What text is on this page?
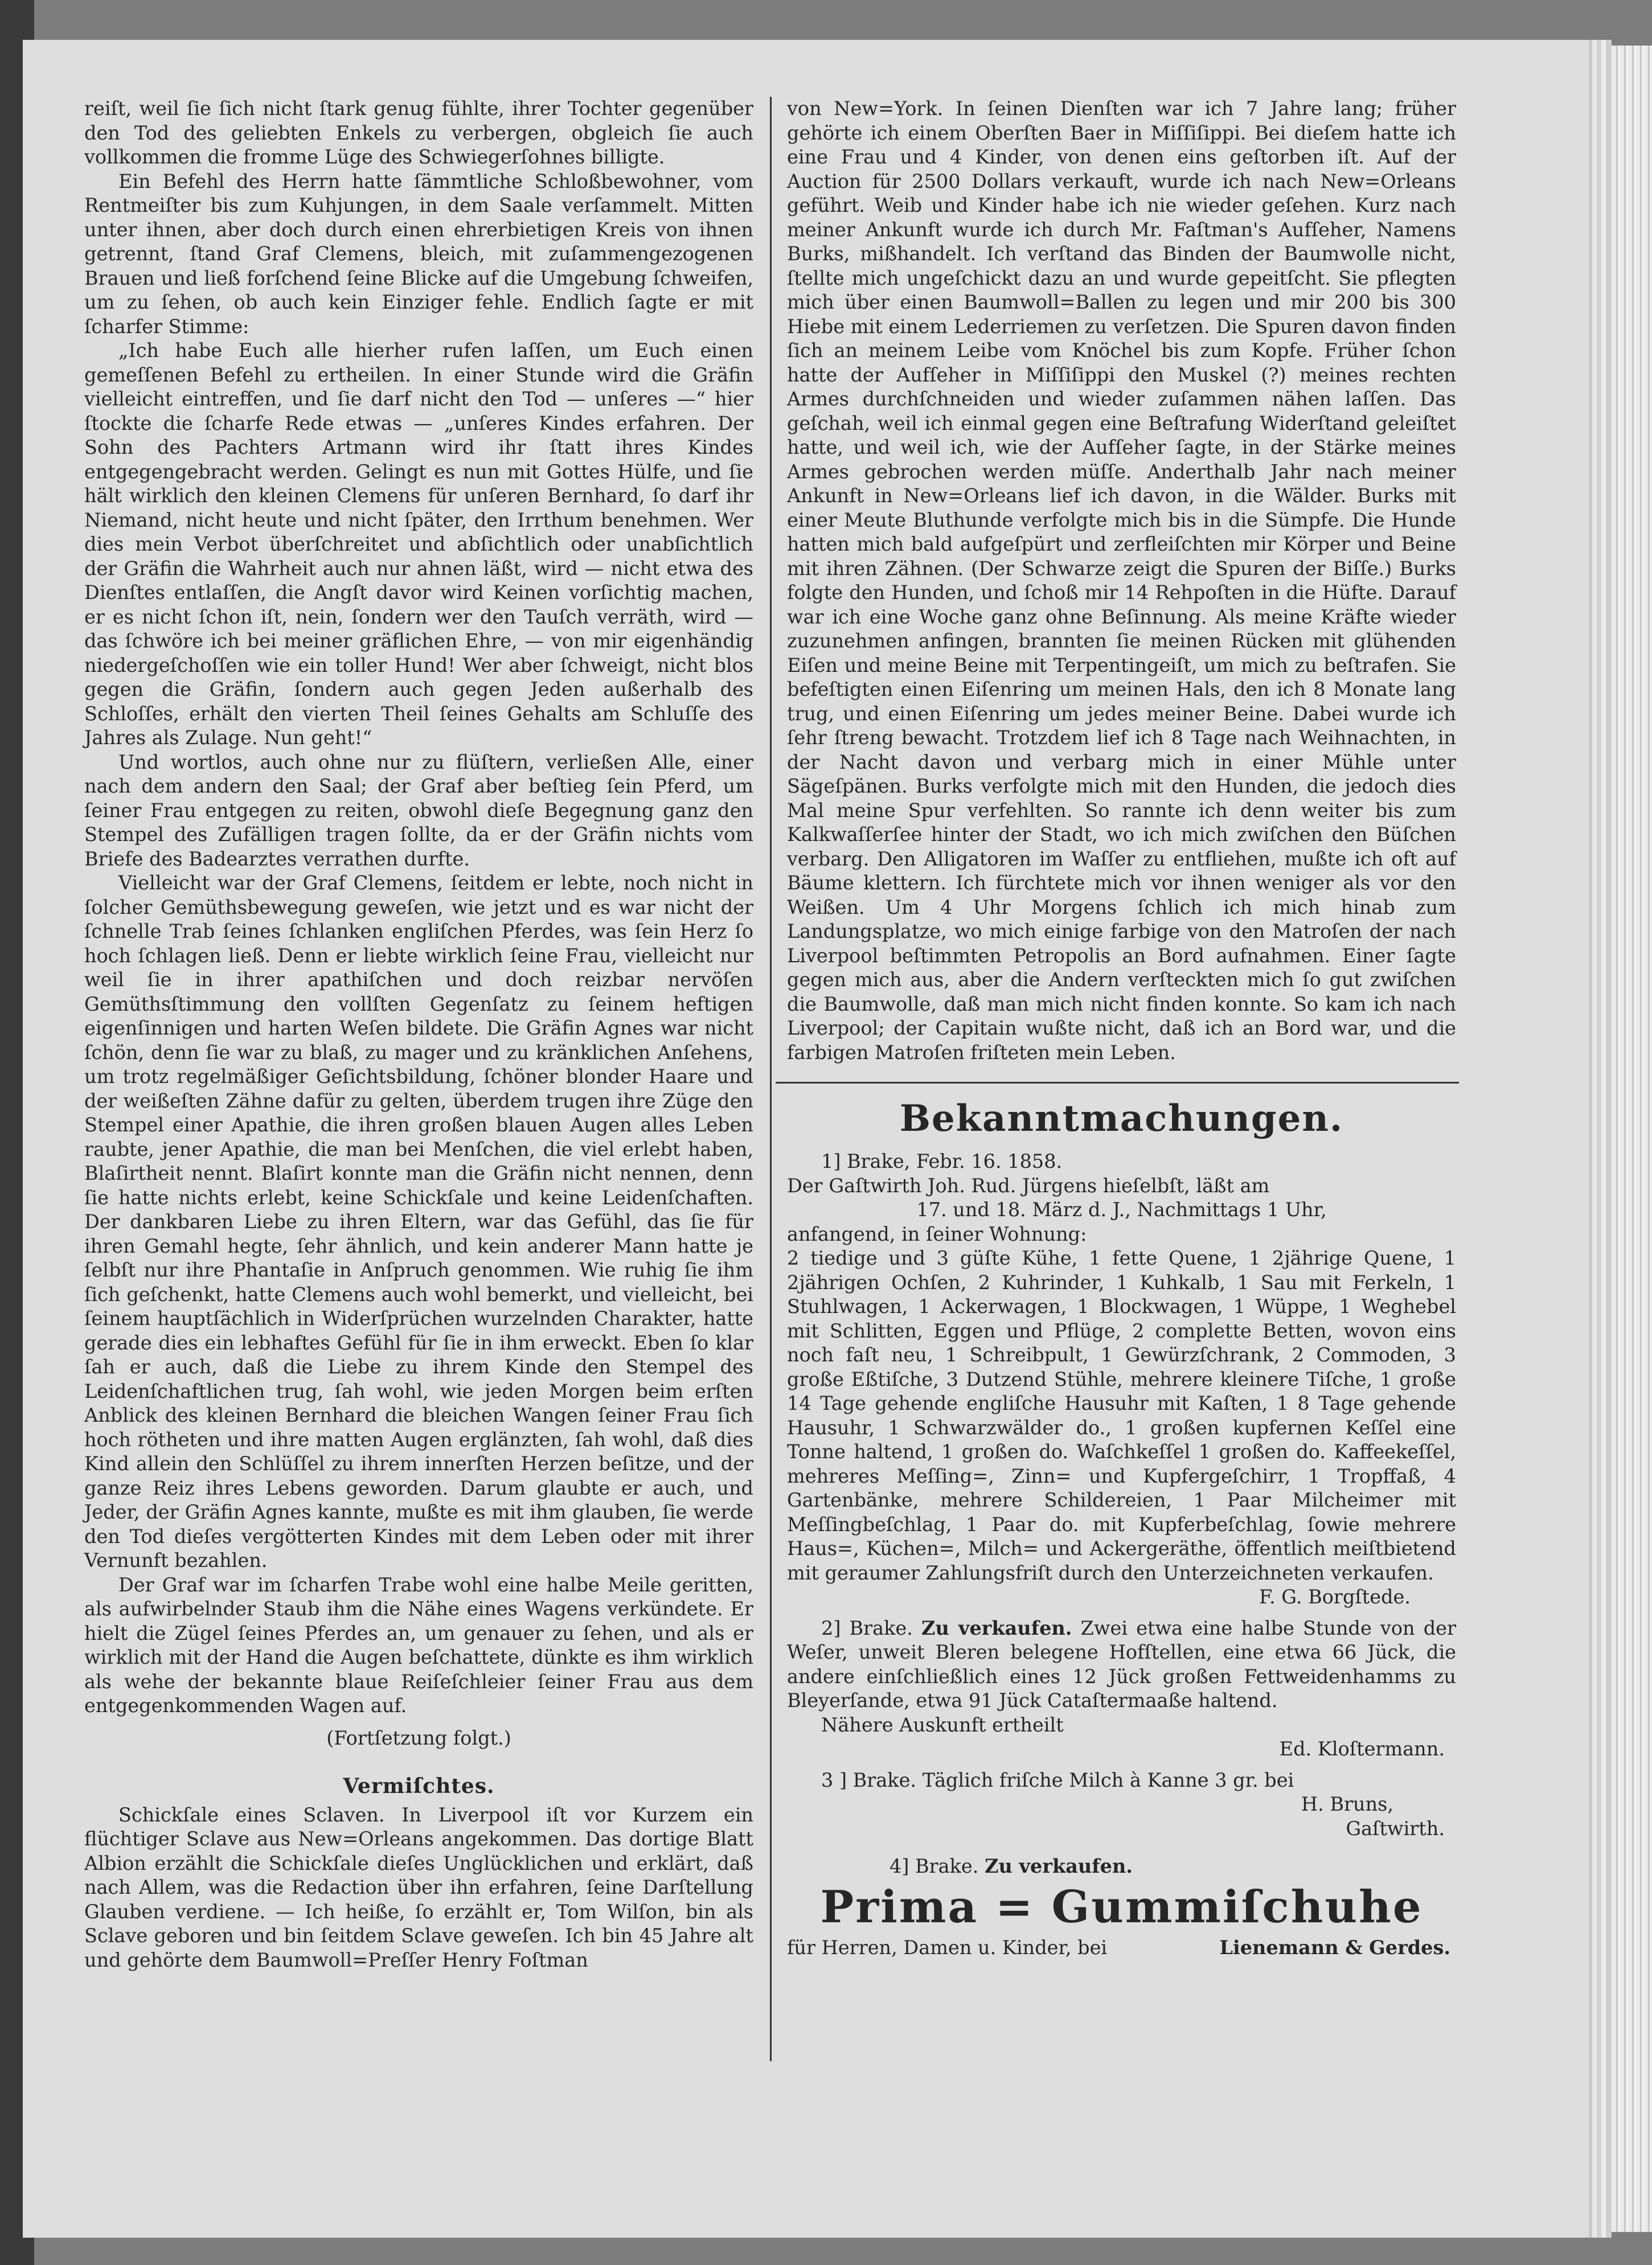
reiſt, weil ſie ſich nicht ſtark genug fühlte, ihrer Tochter gegenüber den Tod des geliebten Enkels zu verbergen, obgleich ſie auch vollkommen die fromme Lüge des Schwiegerſohnes billigte.

Ein Befehl des Herrn hatte ſämmtliche Schloßbewohner, vom Rentmeiſter bis zum Kuhjungen, in dem Saale verſammelt. Mitten unter ihnen, aber doch durch einen ehrerbietigen Kreis von ihnen getrennt, ſtand Graf Clemens, bleich, mit zuſammengezogenen Brauen und ließ forſchend ſeine Blicke auf die Umgebung ſchweifen, um zu ſehen, ob auch kein Einziger fehle. Endlich ſagte er mit ſcharfer Stimme:

„Ich habe Euch alle hierher rufen laſſen, um Euch einen gemeſſenen Befehl zu ertheilen. In einer Stunde wird die Gräfin vielleicht eintreffen, und ſie darf nicht den Tod — unſeres —“ hier ſtockte die ſcharfe Rede etwas — „unſeres Kindes erfahren. Der Sohn des Pachters Artmann wird ihr ſtatt ihres Kindes entgegengebracht werden. Gelingt es nun mit Gottes Hülfe, und ſie hält wirklich den kleinen Clemens für unſeren Bernhard, ſo darf ihr Niemand, nicht heute und nicht ſpäter, den Irrthum benehmen. Wer dies mein Verbot überſchreitet und abſichtlich oder unabſichtlich der Gräfin die Wahrheit auch nur ahnen läßt, wird — nicht etwa des Dienſtes entlaſſen, die Angſt davor wird Keinen vorſichtig machen, er es nicht ſchon iſt, nein, ſondern wer den Tauſch verräth, wird — das ſchwöre ich bei meiner gräflichen Ehre, — von mir eigenhändig niedergeſchoſſen wie ein toller Hund! Wer aber ſchweigt, nicht blos gegen die Gräfin, ſondern auch gegen Jeden außerhalb des Schloſſes, erhält den vierten Theil ſeines Gehalts am Schluſſe des Jahres als Zulage. Nun geht!“

Und wortlos, auch ohne nur zu flüſtern, verließen Alle, einer nach dem andern den Saal; der Graf aber beſtieg ſein Pferd, um ſeiner Frau entgegen zu reiten, obwohl dieſe Begegnung ganz den Stempel des Zufälligen tragen ſollte, da er der Gräfin nichts vom Briefe des Badearztes verrathen durfte.

Vielleicht war der Graf Clemens, ſeitdem er lebte, noch nicht in ſolcher Gemüthsbewegung geweſen, wie jetzt und es war nicht der ſchnelle Trab ſeines ſchlanken engliſchen Pferdes, was ſein Herz ſo hoch ſchlagen ließ. Denn er liebte wirklich ſeine Frau, vielleicht nur weil ſie in ihrer apathiſchen und doch reizbar nervöſen Gemüthsſtimmung den vollſten Gegenſatz zu ſeinem heftigen eigenſinnigen und harten Weſen bildete. Die Gräfin Agnes war nicht ſchön, denn ſie war zu blaß, zu mager und zu kränklichen Anſehens, um trotz regelmäßiger Geſichtsbildung, ſchöner blonder Haare und der weißeſten Zähne dafür zu gelten, überdem trugen ihre Züge den Stempel einer Apathie, die ihren großen blauen Augen alles Leben raubte, jener Apathie, die man bei Menſchen, die viel erlebt haben, Blaſirtheit nennt. Blaſirt konnte man die Gräfin nicht nennen, denn ſie hatte nichts erlebt, keine Schickſale und keine Leidenſchaften. Der dankbaren Liebe zu ihren Eltern, war das Gefühl, das ſie für ihren Gemahl hegte, ſehr ähnlich, und kein anderer Mann hatte je ſelbſt nur ihre Phantaſie in Anſpruch genommen. Wie ruhig ſie ihm ſich geſchenkt, hatte Clemens auch wohl bemerkt, und vielleicht, bei ſeinem hauptſächlich in Widerſprüchen wurzelnden Charakter, hatte gerade dies ein lebhaftes Gefühl für ſie in ihm erweckt. Eben ſo klar ſah er auch, daß die Liebe zu ihrem Kinde den Stempel des Leidenſchaftlichen trug, ſah wohl, wie jeden Morgen beim erſten Anblick des kleinen Bernhard die bleichen Wangen ſeiner Frau ſich hoch rötheten und ihre matten Augen erglänzten, ſah wohl, daß dies Kind allein den Schlüſſel zu ihrem innerſten Herzen beſitze, und der ganze Reiz ihres Lebens geworden. Darum glaubte er auch, und Jeder, der Gräfin Agnes kannte, mußte es mit ihm glauben, ſie werde den Tod dieſes vergötterten Kindes mit dem Leben oder mit ihrer Vernunft bezahlen.

Der Graf war im ſcharfen Trabe wohl eine halbe Meile geritten, als aufwirbelnder Staub ihm die Nähe eines Wagens verkündete. Er hielt die Zügel ſeines Pferdes an, um genauer zu ſehen, und als er wirklich mit der Hand die Augen beſchattete, dünkte es ihm wirklich als wehe der bekannte blaue Reiſeſchleier ſeiner Frau aus dem entgegenkommenden Wagen auf.

(Fortſetzung folgt.)

Vermiſchtes.

Schickſale eines Sclaven. In Liverpool iſt vor Kurzem ein flüchtiger Sclave aus New=Orleans angekommen. Das dortige Blatt Albion erzählt die Schickſale dieſes Unglücklichen und erklärt, daß nach Allem, was die Redaction über ihn erfahren, ſeine Darſtellung Glauben verdiene. — Ich heiße, ſo erzählt er, Tom Wilſon, bin als Sclave geboren und bin ſeitdem Sclave geweſen. Ich bin 45 Jahre alt und gehörte dem Baumwoll=Preſſer Henry Foſtman

von New=York. In ſeinen Dienſten war ich 7 Jahre lang; früher gehörte ich einem Oberſten Baer in Miſſiſippi. Bei dieſem hatte ich eine Frau und 4 Kinder, von denen eins geſtorben iſt. Auf der Auction für 2500 Dollars verkauft, wurde ich nach New=Orleans geführt. Weib und Kinder habe ich nie wieder geſehen. Kurz nach meiner Ankunft wurde ich durch Mr. Faſtman's Aufſeher, Namens Burks, mißhandelt. Ich verſtand das Binden der Baumwolle nicht, ſtellte mich ungeſchickt dazu an und wurde gepeitſcht. Sie pflegten mich über einen Baumwoll=Ballen zu legen und mir 200 bis 300 Hiebe mit einem Lederriemen zu verſetzen. Die Spuren davon finden ſich an meinem Leibe vom Knöchel bis zum Kopfe. Früher ſchon hatte der Aufſeher in Miſſiſippi den Muskel (?) meines rechten Armes durchſchneiden und wieder zuſammen nähen laſſen. Das geſchah, weil ich einmal gegen eine Beſtrafung Widerſtand geleiſtet hatte, und weil ich, wie der Aufſeher ſagte, in der Stärke meines Armes gebrochen werden müſſe. Anderthalb Jahr nach meiner Ankunft in New=Orleans lief ich davon, in die Wälder. Burks mit einer Meute Bluthunde verfolgte mich bis in die Sümpfe. Die Hunde hatten mich bald aufgeſpürt und zerfleiſchten mir Körper und Beine mit ihren Zähnen. (Der Schwarze zeigt die Spuren der Biſſe.) Burks folgte den Hunden, und ſchoß mir 14 Rehpoſten in die Hüfte. Darauf war ich eine Woche ganz ohne Beſinnung. Als meine Kräfte wieder zuzunehmen anfingen, brannten ſie meinen Rücken mit glühenden Eiſen und meine Beine mit Terpentingeiſt, um mich zu beſtrafen. Sie befeſtigten einen Eiſenring um meinen Hals, den ich 8 Monate lang trug, und einen Eiſenring um jedes meiner Beine. Dabei wurde ich ſehr ſtreng bewacht. Trotzdem lief ich 8 Tage nach Weihnachten, in der Nacht davon und verbarg mich in einer Mühle unter Sägeſpänen. Burks verfolgte mich mit den Hunden, die jedoch dies Mal meine Spur verfehlten. So rannte ich denn weiter bis zum Kalkwaſſerſee hinter der Stadt, wo ich mich zwiſchen den Büſchen verbarg. Den Alligatoren im Waſſer zu entfliehen, mußte ich oft auf Bäume klettern. Ich fürchtete mich vor ihnen weniger als vor den Weißen. Um 4 Uhr Morgens ſchlich ich mich hinab zum Landungsplatze, wo mich einige farbige von den Matroſen der nach Liverpool beſtimmten Petropolis an Bord aufnahmen. Einer ſagte gegen mich aus, aber die Andern verſteckten mich ſo gut zwiſchen die Baumwolle, daß man mich nicht finden konnte. So kam ich nach Liverpool; der Capitain wußte nicht, daß ich an Bord war, und die farbigen Matroſen friſteten mein Leben.

Bekanntmachungen.

1] Brake, Febr. 16. 1858.

Der Gaſtwirth Joh. Rud. Jürgens hieſelbſt, läßt am

17. und 18. März d. J., Nachmittags 1 Uhr,

anfangend, in ſeiner Wohnung:

2 tiedige und 3 güſte Kühe, 1 fette Quene, 1 2jährige Quene, 1 2jährigen Ochſen, 2 Kuhrinder, 1 Kuhkalb, 1 Sau mit Ferkeln, 1 Stuhlwagen, 1 Ackerwagen, 1 Blockwagen, 1 Wüppe, 1 Weghebel mit Schlitten, Eggen und Pflüge, 2 complette Betten, wovon eins noch faſt neu, 1 Schreibpult, 1 Gewürzſchrank, 2 Commoden, 3 große Eßtiſche, 3 Dutzend Stühle, mehrere kleinere Tiſche, 1 große 14 Tage gehende engliſche Hausuhr mit Kaſten, 1 8 Tage gehende Hausuhr, 1 Schwarzwälder do., 1 großen kupfernen Keſſel eine Tonne haltend, 1 großen do. Waſchkeſſel 1 großen do. Kaffeekeſſel, mehreres Meſſing=, Zinn= und Kupfergeſchirr, 1 Tropffaß, 4 Gartenbänke, mehrere Schildereien, 1 Paar Milcheimer mit Meſſingbeſchlag, 1 Paar do. mit Kupferbeſchlag, ſowie mehrere Haus=, Küchen=, Milch= und Ackergeräthe, öffentlich meiſtbietend mit geraumer Zahlungsfriſt durch den Unterzeichneten verkaufen.

F. G. Borgſtede.

2] Brake. Zu verkaufen. Zwei etwa eine halbe Stunde von der Weſer, unweit Bleren belegene Hofſtellen, eine etwa 66 Jück, die andere einſchließlich eines 12 Jück großen Fettweidenhamms zu Bleyerſande, etwa 91 Jück Cataſtermaaße haltend.

Nähere Auskunft ertheilt

Ed. Kloſtermann.

3 ] Brake. Täglich friſche Milch à Kanne 3 gr. bei

H. Bruns,

Gaſtwirth.

4] Brake. Zu verkaufen.

Prima = Gummiſchuhe
für Herren, Damen u. Kinder, bei	Lienemann & Gerdes.
